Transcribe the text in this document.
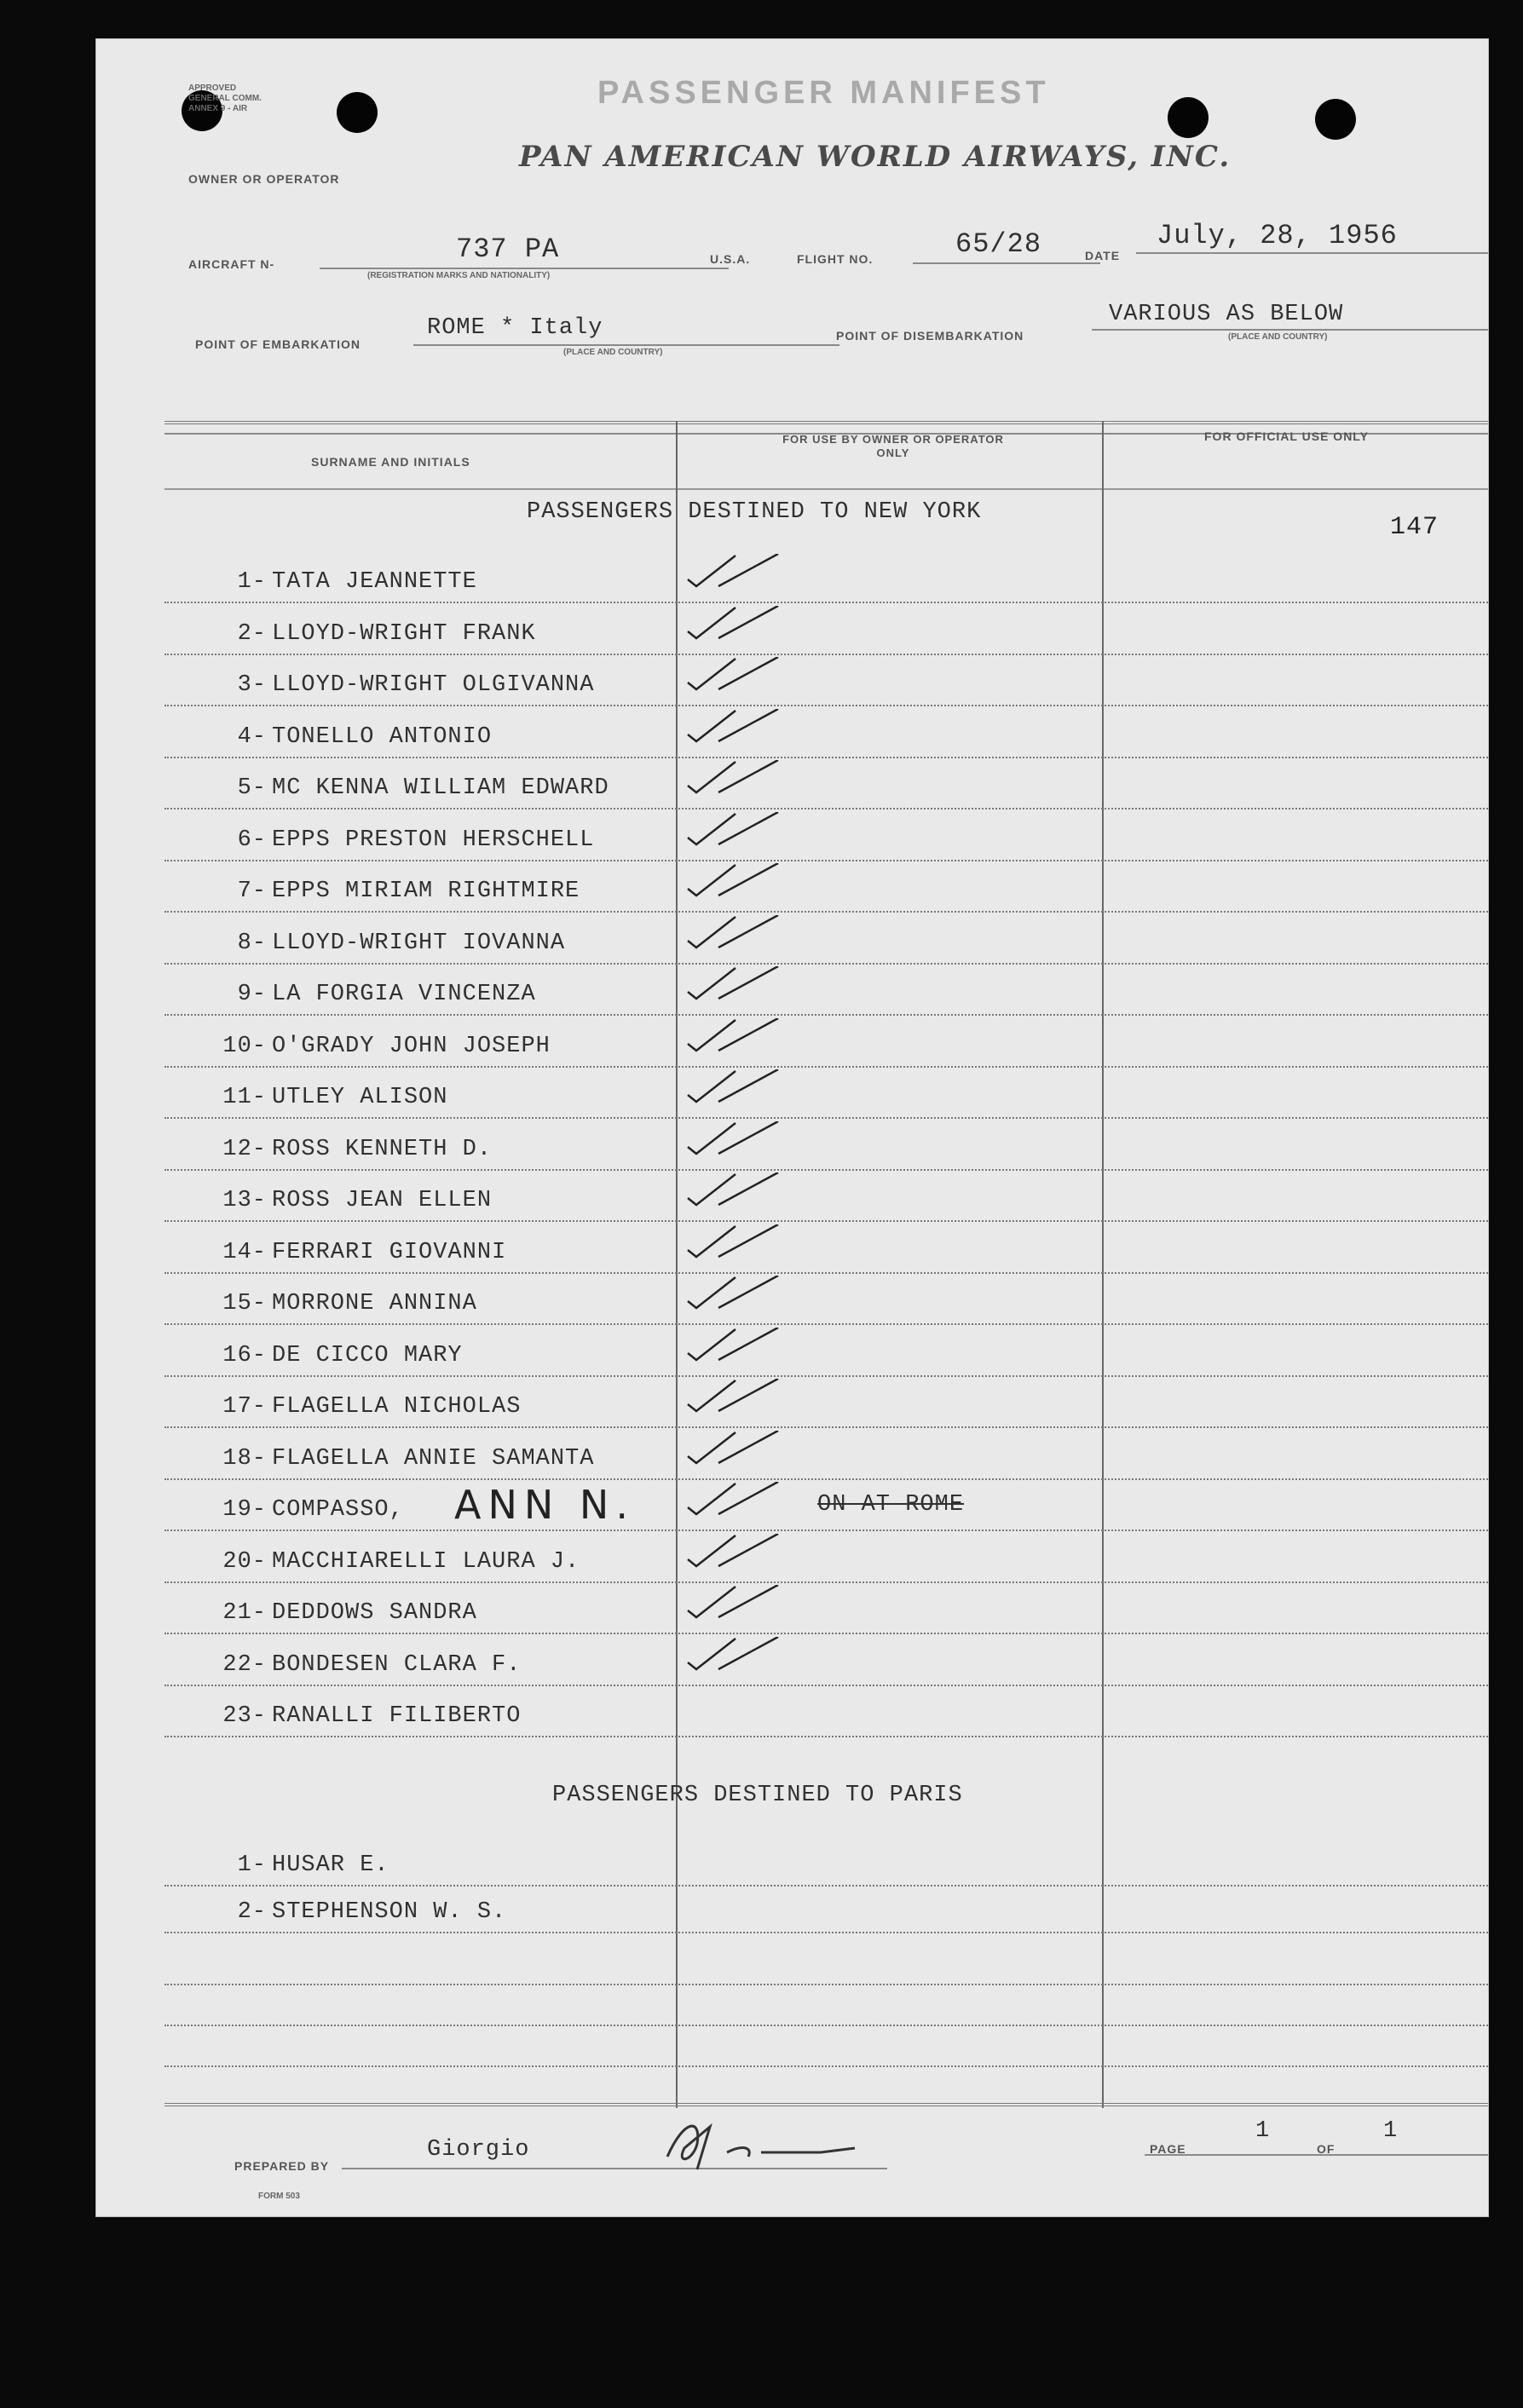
APPROVED
GENERAL COMM.
ANNEX 9 - AIR	PASSENGER MANIFEST
PAN AMERICAN WORLD AIRWAYS, INC.
OWNER OR OPERATOR
AIRCRAFT N-	737 PA
(REGISTRATION MARKS AND NATIONALITY)
U.S.A.	FLIGHT NO.	65/28	DATE
July, 28, 1956
POINT OF EMBARKATION
ROME * Italy
(PLACE AND COUNTRY)
POINT OF DISEMBARKATION
VARIOUS AS BELOW
(PLACE AND COUNTRY)
SURNAME AND INITIALS
FOR USE BY OWNER OR OPERATOR ONLY
FOR OFFICIAL USE ONLY
147
PASSENGERS DESTINED TO NEW YORK
PASSENGERS DESTINED TO PARIS
1- TATA JEANNETTE
2- LLOYD-WRIGHT FRANK
3- LLOYD-WRIGHT OLGIVANNA
4- TONELLO ANTONIO
5- MC KENNA WILLIAM EDWARD
6- EPPS PRESTON HERSCHELL
7- EPPS MIRIAM RIGHTMIRE
8- LLOYD-WRIGHT IOVANNA
9- LA FORGIA VINCENZA
10- O'GRADY JOHN JOSEPH
11- UTLEY ALISON
12- ROSS KENNETH D.
13- ROSS JEAN ELLEN
14- FERRARI GIOVANNI
15- MORRONE ANNINA
16- DE CICCO MARY
17- FLAGELLA NICHOLAS
18- FLAGELLA ANNIE SAMANTA
19- COMPASSO, ANN N.	ON AT ROME
20- MACCHIARELLI LAURA J.
21- DEDDOWS SANDRA
22- BONDESEN CLARA F.
23- RANALLI FILIBERTO
1- HUSAR E.
2- STEPHENSON W. S.
PREPARED BY
Giorgio
FORM 503
PAGE
1
OF
1
